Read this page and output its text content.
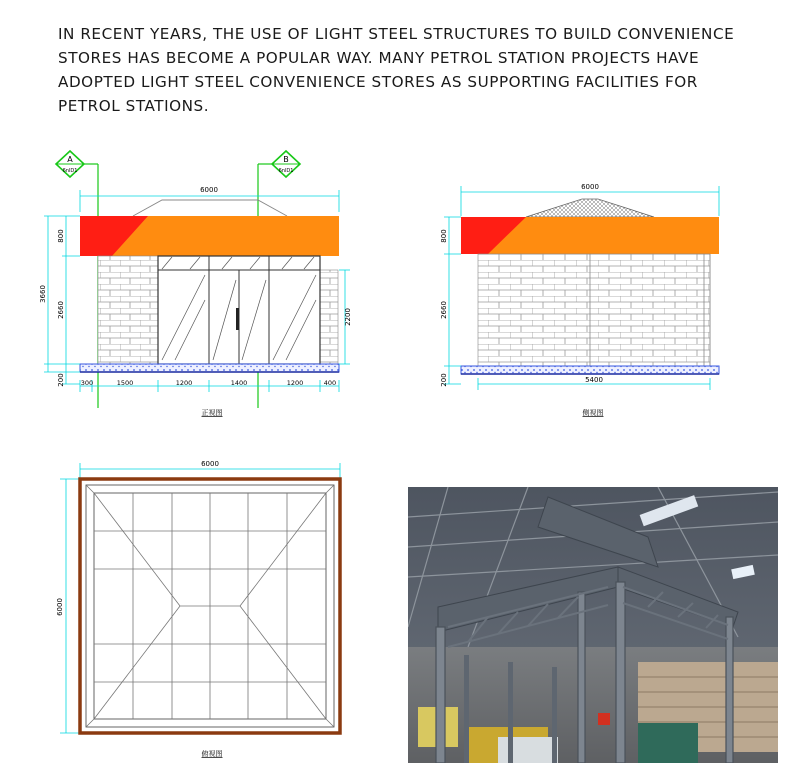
IN RECENT YEARS, THE USE OF LIGHT STEEL STRUCTURES TO BUILD CONVENIENCE
STORES HAS BECOME A POPULAR WAY. MANY PETROL STATION PROJECTS HAVE
ADOPTED LIGHT STEEL CONVENIENCE STORES AS SUPPORTING FACILITIES FOR
PETROL STATIONS.
A
6nlD1
B
6nlD1
6000
800
3660
2660
200
2200
300	1500	1200	1400	1200	400
正视图
6000
800
2660
200	5400
侧视图
6000
6000
俯视图
